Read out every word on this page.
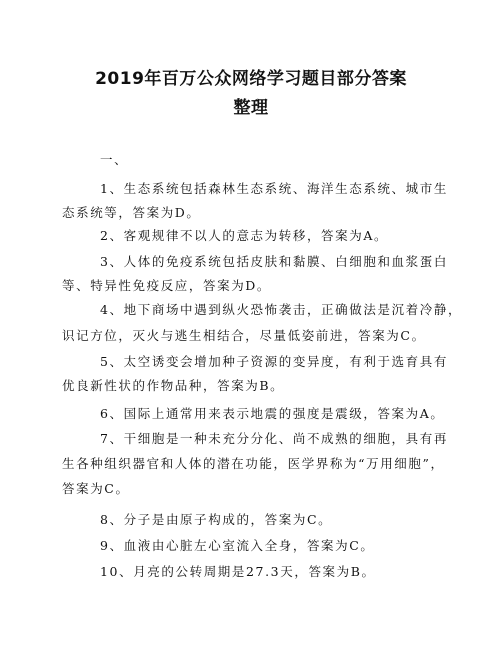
2019年百万公众网络学习题目部分答案
整理
一、
1、生态系统包括森林生态系统、海洋生态系统、城市生
态系统等，答案为D。
2、客观规律不以人的意志为转移，答案为A。
3、人体的免疫系统包括皮肤和黏膜、白细胞和血浆蛋白
等、特异性免疫反应，答案为D。
4、地下商场中遇到纵火恐怖袭击，正确做法是沉着冷静，
识记方位，灭火与逃生相结合，尽量低姿前进，答案为C。
5、太空诱变会增加种子资源的变异度，有利于选育具有
优良新性状的作物品种，答案为B。
6、国际上通常用来表示地震的强度是震级，答案为A。
7、干细胞是一种未充分分化、尚不成熟的细胞，具有再
生各种组织器官和人体的潜在功能，医学界称为“万用细胞”，
答案为C。
8、分子是由原子构成的，答案为C。
9、血液由心脏左心室流入全身，答案为C。
10、月亮的公转周期是27.3天，答案为B。
